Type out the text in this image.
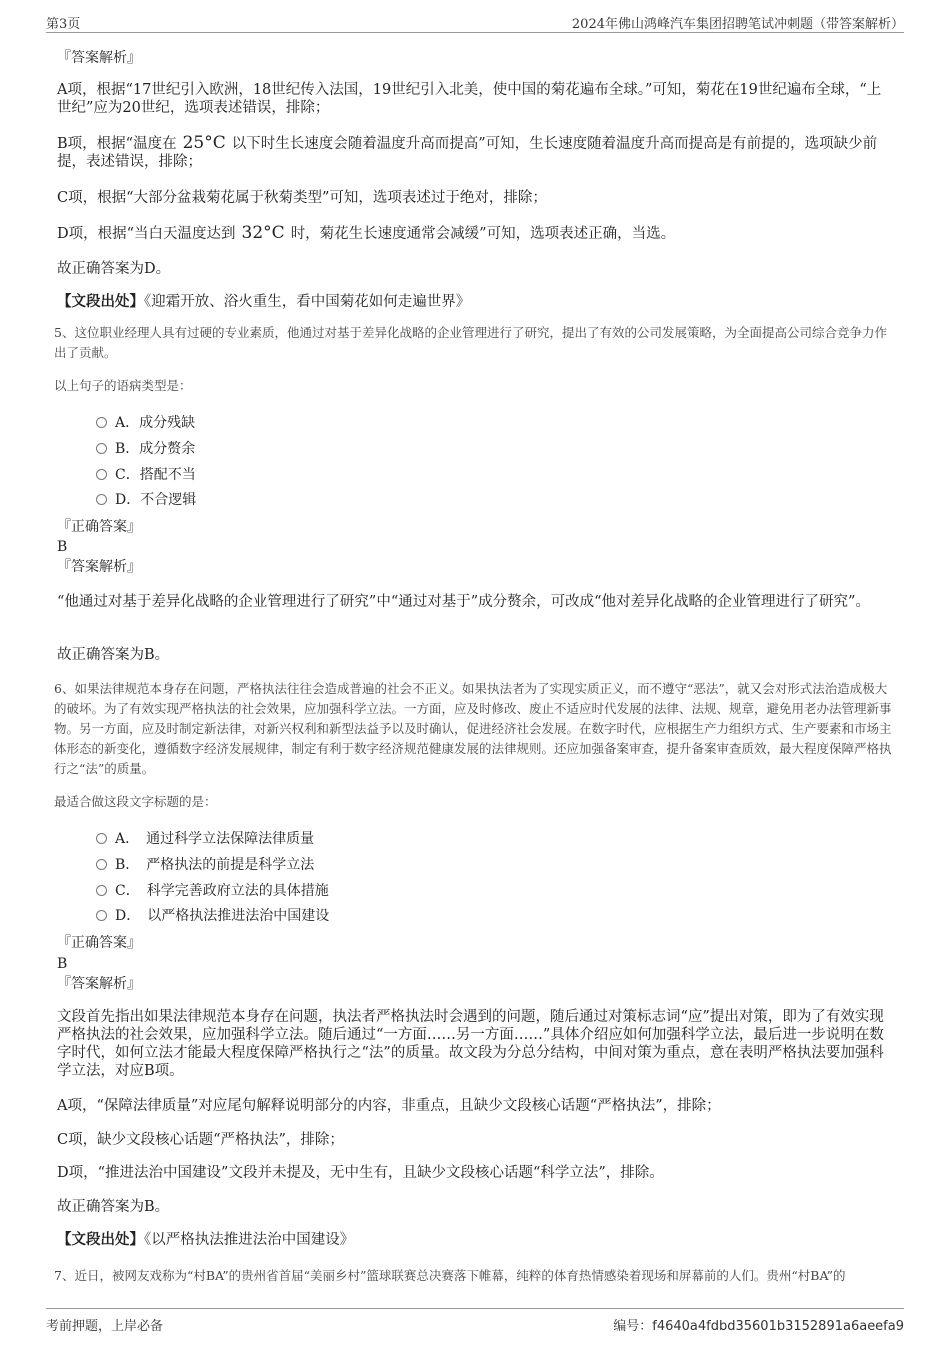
第3页	2024年佛山鸿峰汽车集团招聘笔试冲刺题（带答案解析）
『答案解析』
A项，根据“17世纪引入欧洲，18世纪传入法国，19世纪引入北美，使中国的菊花遍布全球。”可知，菊花在19世纪遍布全球，“上世纪”应为20世纪，选项表述错误，排除；
B项，根据“温度在 25°C 以下时生长速度会随着温度升高而提高”可知，生长速度随着温度升高而提高是有前提的，选项缺少前提，表述错误，排除；
C项，根据“大部分盆栽菊花属于秋菊类型”可知，选项表述过于绝对，排除；
D项，根据“当白天温度达到 32°C 时，菊花生长速度通常会减缓”可知，选项表述正确，当选。
故正确答案为D。
【文段出处】《迎霜开放、浴火重生，看中国菊花如何走遍世界》
5、这位职业经理人具有过硬的专业素质，他通过对基于差异化战略的企业管理进行了研究，提出了有效的公司发展策略，为全面提高公司综合竞争力作出了贡献。
以上句子的语病类型是：
A．成分残缺
B．成分赘余
C．搭配不当
D．不合逻辑
『正确答案』
B
『答案解析』
“他通过对基于差异化战略的企业管理进行了研究”中“通过对基于”成分赘余，可改成“他对差异化战略的企业管理进行了研究”。
故正确答案为B。
6、如果法律规范本身存在问题，严格执法往往会造成普遍的社会不正义。如果执法者为了实现实质正义，而不遵守“恶法”，就又会对形式法治造成极大的破坏。为了有效实现严格执法的社会效果，应加强科学立法。一方面，应及时修改、废止不适应时代发展的法律、法规、规章，避免用老办法管理新事物。另一方面，应及时制定新法律，对新兴权利和新型法益予以及时确认，促进经济社会发展。在数字时代，应根据生产力组织方式、生产要素和市场主体形态的新变化，遵循数字经济发展规律，制定有利于数字经济规范健康发展的法律规则。还应加强备案审查，提升备案审查质效，最大程度保障严格执行之“法”的质量。
最适合做这段文字标题的是：
A．　通过科学立法保障法律质量
B．　严格执法的前提是科学立法
C．　科学完善政府立法的具体措施
D．　以严格执法推进法治中国建设
『正确答案』
B
『答案解析』
文段首先指出如果法律规范本身存在问题，执法者严格执法时会遇到的问题，随后通过对策标志词“应”提出对策，即为了有效实现严格执法的社会效果，应加强科学立法。随后通过“一方面……另一方面……”具体介绍应如何加强科学立法，最后进一步说明在数字时代，如何立法才能最大程度保障严格执行之“法”的质量。故文段为分总分结构，中间对策为重点，意在表明严格执法要加强科学立法，对应B项。
A项，“保障法律质量”对应尾句解释说明部分的内容，非重点，且缺少文段核心话题“严格执法”，排除；
C项，缺少文段核心话题“严格执法”，排除；
D项，“推进法治中国建设”文段并未提及，无中生有，且缺少文段核心话题“科学立法”，排除。
故正确答案为B。
【文段出处】《以严格执法推进法治中国建设》
7、近日，被网友戏称为“村BA”的贵州省首届“美丽乡村”篮球联赛总决赛落下帷幕，纯粹的体育热情感染着现场和屏幕前的人们。贵州“村BA”的
考前押题，上岸必备	编号：f4640a4fdbd35601b3152891a6aeefa9
